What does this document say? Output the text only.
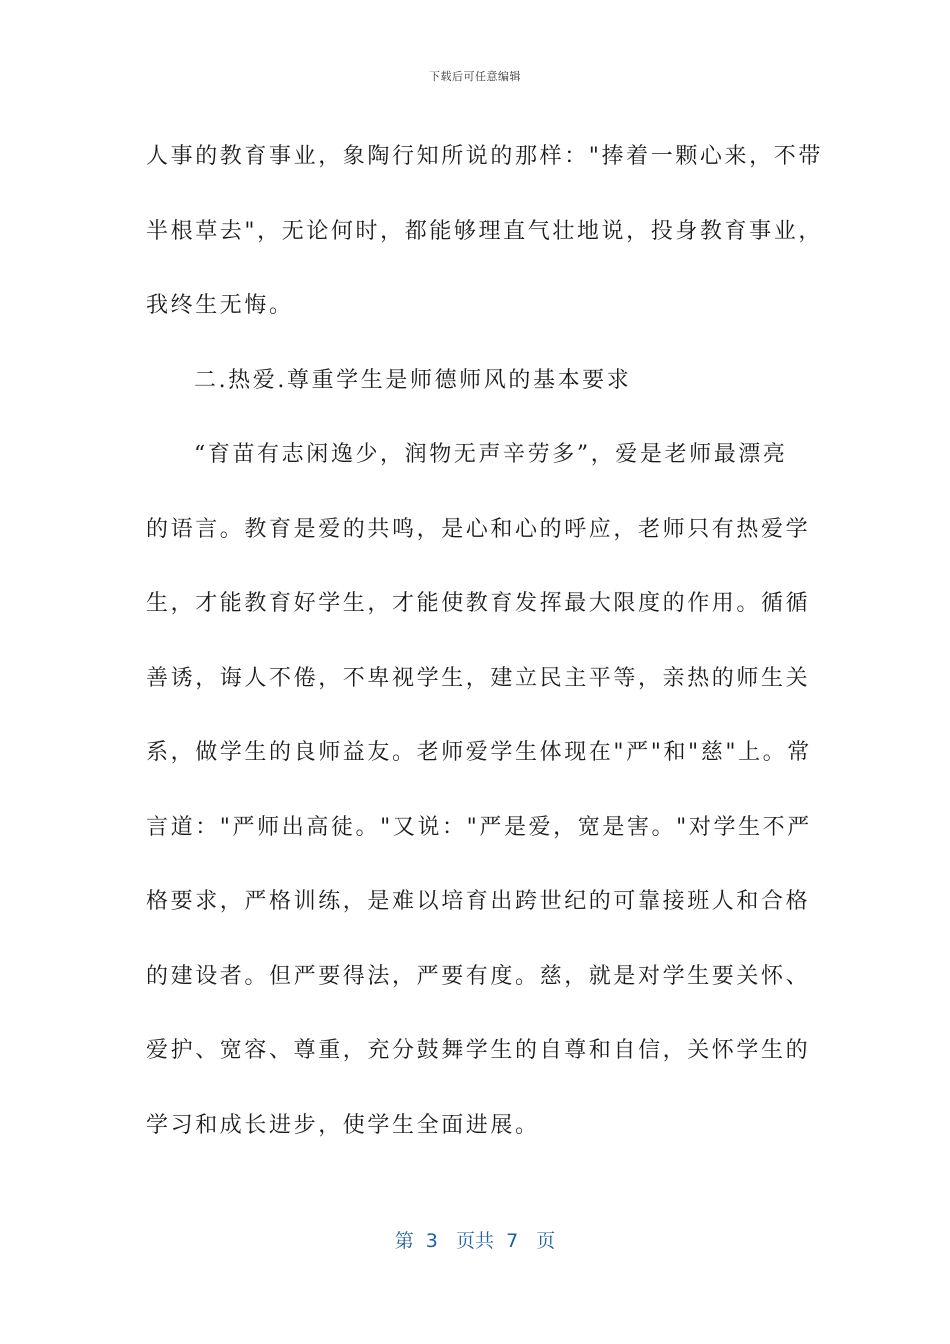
下载后可任意编辑
人事的教育事业，象陶行知所说的那样："捧着一颗心来，不带
半根草去"，无论何时，都能够理直气壮地说，投身教育事业，
我终生无悔。
二.热爱.尊重学生是师德师风的基本要求
“育苗有志闲逸少，润物无声辛劳多”，爱是老师最漂亮
的语言。教育是爱的共鸣，是心和心的呼应，老师只有热爱学
生，才能教育好学生，才能使教育发挥最大限度的作用。循循
善诱，诲人不倦，不卑视学生，建立民主平等，亲热的师生关
系，做学生的良师益友。老师爱学生体现在"严"和"慈"上。常
言道："严师出高徒。"又说："严是爱，宽是害。"对学生不严
格要求，严格训练，是难以培育出跨世纪的可靠接班人和合格
的建设者。但严要得法，严要有度。慈，就是对学生要关怀、
爱护、宽容、尊重，充分鼓舞学生的自尊和自信，关怀学生的
学习和成长进步，使学生全面进展。
第  3   页共  7   页
